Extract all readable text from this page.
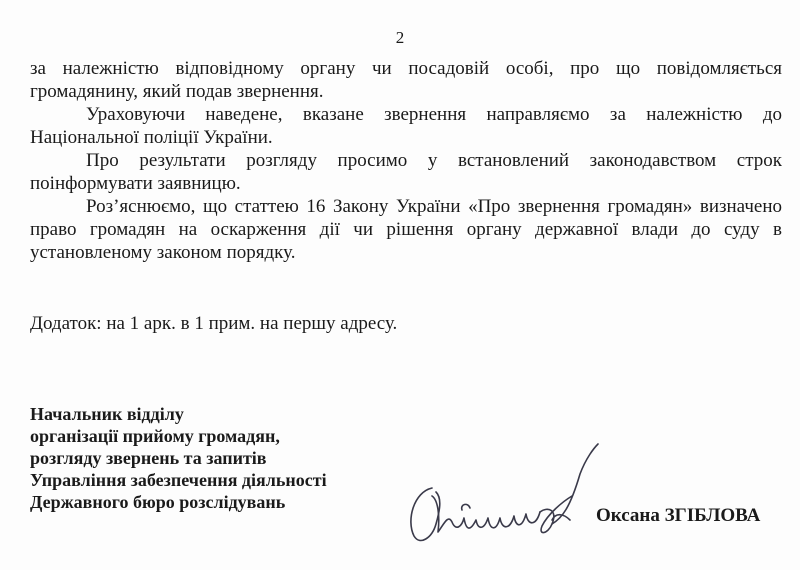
2

за належністю відповідному органу чи посадовій особі, про що повідомляється громадянину, який подав звернення.

Ураховуючи наведене, вказане звернення направляємо за належністю до Національної поліції України.

Про результати розгляду просимо у встановлений законодавством строк поінформувати заявницю.

Роз’яснюємо, що статтею 16 Закону України «Про звернення громадян» визначено право громадян на оскарження дії чи рішення органу державної влади до суду в установленому законом порядку.

Додаток: на 1 арк. в 1 прим. на першу адресу.
Начальник відділу
організації прийому громадян,
розгляду звернень та запитів
Управління забезпечення діяльності
Державного бюро розслідувань
Оксана ЗГІБЛОВА
